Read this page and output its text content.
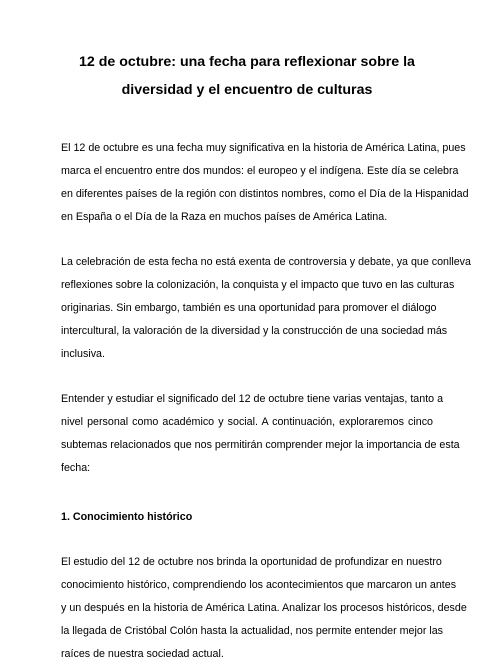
12 de octubre: una fecha para reflexionar sobre la
diversidad y el encuentro de culturas

El 12 de octubre es una fecha muy significativa en la historia de América Latina, pues
marca el encuentro entre dos mundos: el europeo y el indígena. Este día se celebra
en diferentes países de la región con distintos nombres, como el Día de la Hispanidad
en España o el Día de la Raza en muchos países de América Latina.

La celebración de esta fecha no está exenta de controversia y debate, ya que conlleva
reflexiones sobre la colonización, la conquista y el impacto que tuvo en las culturas
originarias. Sin embargo, también es una oportunidad para promover el diálogo
intercultural, la valoración de la diversidad y la construcción de una sociedad más
inclusiva.

Entender y estudiar el significado del 12 de octubre tiene varias ventajas, tanto a
nivel personal como académico y social. A continuación, exploraremos cinco
subtemas relacionados que nos permitirán comprender mejor la importancia de esta
fecha:

1. Conocimiento histórico

El estudio del 12 de octubre nos brinda la oportunidad de profundizar en nuestro
conocimiento histórico, comprendiendo los acontecimientos que marcaron un antes
y un después en la historia de América Latina. Analizar los procesos históricos, desde
la llegada de Cristóbal Colón hasta la actualidad, nos permite entender mejor las
raíces de nuestra sociedad actual.
